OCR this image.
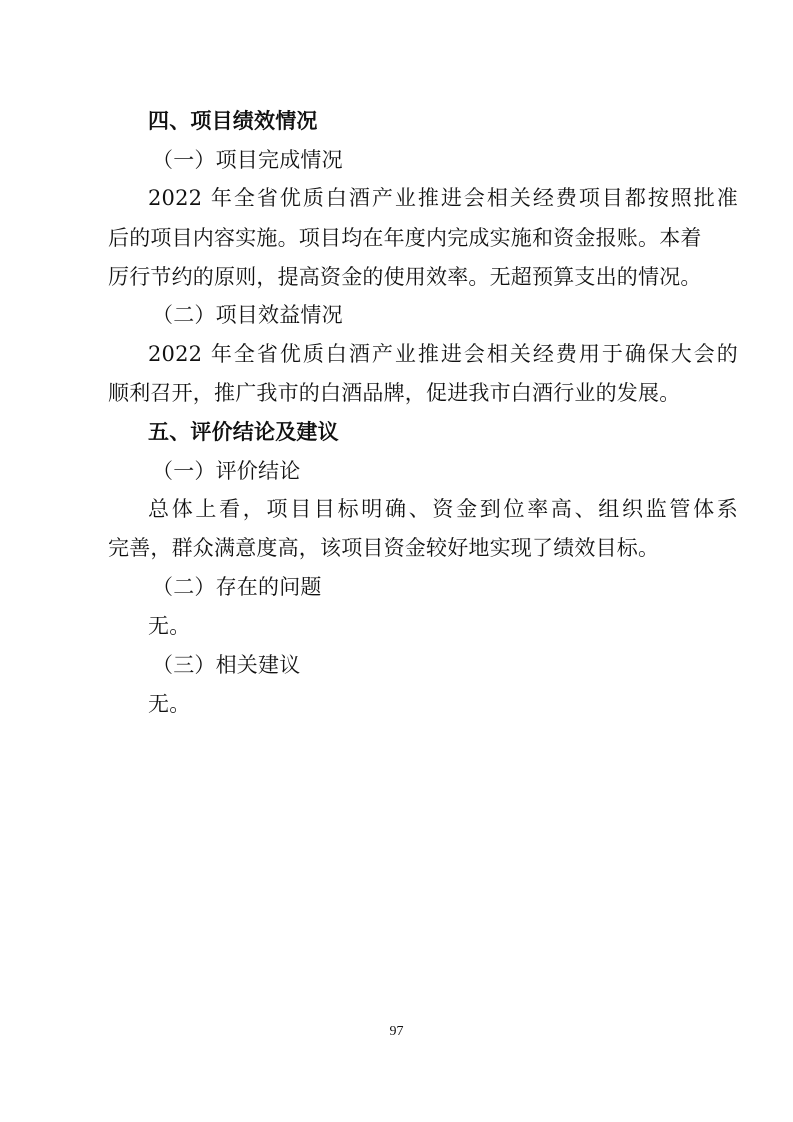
四、项目绩效情况
（一）项目完成情况
2022 年全省优质白酒产业推进会相关经费项目都按照批准
后的项目内容实施。项目均在年度内完成实施和资金报账。本着
厉行节约的原则，提高资金的使用效率。无超预算支出的情况。
（二）项目效益情况
2022 年全省优质白酒产业推进会相关经费用于确保大会的
顺利召开，推广我市的白酒品牌，促进我市白酒行业的发展。
五、评价结论及建议
（一）评价结论
总体上看，项目目标明确、资金到位率高、组织监管体系
完善，群众满意度高，该项目资金较好地实现了绩效目标。
（二）存在的问题
无。
（三）相关建议
无。
97
